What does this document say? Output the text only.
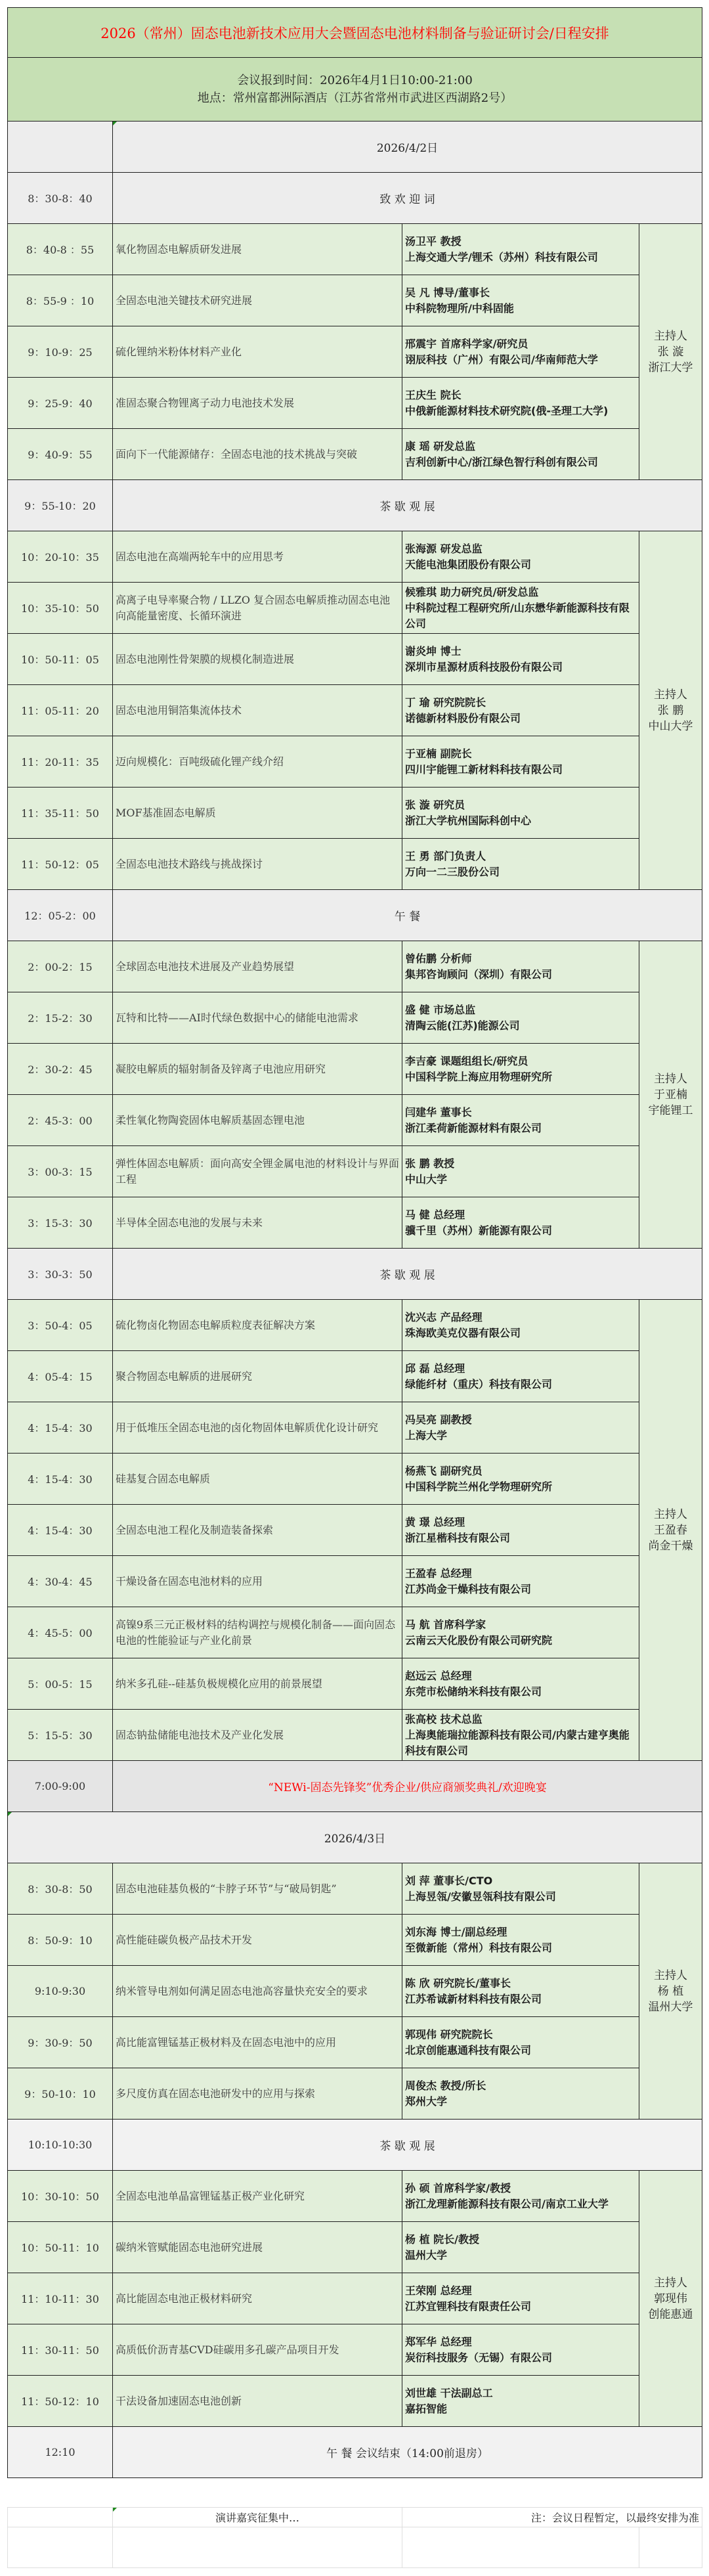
2026（常州）固态电池新技术应用大会暨固态电池材料制备与验证研讨会/日程安排			

会议报到时间：2026年4月1日10:00-21:00
地点：常州富都洲际酒店（江苏省常州市武进区西湖路2号）			

	2026/4/2日		
8：30-8：40	致 欢 迎 词		
8：40-8 ：55	氧化物固态电解质研发进展	汤卫平 教授
上海交通大学/锂禾（苏州）科技有限公司	主持人
张 漩
浙江大学

8：55-9 ：10	全固态电池关键技术研究进展	吴 凡 博导/董事长
中科院物理所/中科固能	

9：10-9：25	硫化锂纳米粉体材料产业化	邢震宇 首席科学家/研究员
诩辰科技（广州）有限公司/华南师范大学	

9：25-9：40	准固态聚合物锂离子动力电池技术发展	王庆生 院长
中俄新能源材料技术研究院(俄-圣理工大学)	

9：40-9：55	面向下一代能源储存：全固态电池的技术挑战与突破	康 瑶 研发总监
吉利创新中心/浙江绿色智行科创有限公司	

9：55-10：20	茶 歇 观 展		
10：20-10：35	固态电池在高端两轮车中的应用思考	张海源 研发总监
天能电池集团股份有限公司	主持人
张 鹏
中山大学

10：35-10：50	高离子电导率聚合物 / LLZO 复合固态电解质推动固态电池向高能量密度、长循环演进	候雅琪 助力研究员/研发总监
中科院过程工程研究所/山东懋华新能源科技有限公司	

10：50-11：05	固态电池刚性骨架膜的规模化制造进展	谢炎坤 博士
深圳市星源材质科技股份有限公司	

11：05-11：20	固态电池用铜箔集流体技术	丁 瑜 研究院院长
诺德新材料股份有限公司	

11：20-11：35	迈向规模化：百吨级硫化锂产线介绍	于亚楠 副院长
四川宇能锂工新材料科技有限公司	

11：35-11：50	MOF基准固态电解质	张 漩 研究员
浙江大学杭州国际科创中心	

11：50-12：05	全固态电池技术路线与挑战探讨	王 勇 部门负责人
万向一二三股份公司	

12：05-2：00	午 餐		
2：00-2：15	全球固态电池技术进展及产业趋势展望	曾佑鹏 分析师
集邦咨询顾问（深圳）有限公司	主持人
于亚楠
宇能锂工

2：15-2：30	瓦特和比特——AI时代绿色数据中心的储能电池需求	盛 健 市场总监
清陶云能(江苏)能源公司	

2：30-2：45	凝胶电解质的辐射制备及锌离子电池应用研究	李吉豪 课题组组长/研究员
中国科学院上海应用物理研究所	

2：45-3：00	柔性氧化物陶瓷固体电解质基固态锂电池	闫建华 董事长
浙江柔荷新能源材料有限公司	

3：00-3：15	弹性体固态电解质：面向高安全锂金属电池的材料设计与界面工程	张 鹏 教授
中山大学	

3：15-3：30	半导体全固态电池的发展与未来	马 健 总经理
骥千里（苏州）新能源有限公司	

3：30-3：50	茶 歇 观 展		
3：50-4：05	硫化物卤化物固态电解质粒度表征解决方案	沈兴志 产品经理
珠海欧美克仪器有限公司	主持人
王盈春
尚金干燥

4：05-4：15	聚合物固态电解质的进展研究	邱 磊 总经理
绿能纤材（重庆）科技有限公司	

4：15-4：30	用于低堆压全固态电池的卤化物固体电解质优化设计研究	冯吴亮 副教授
上海大学	

4：15-4：30	硅基复合固态电解质	杨燕飞 副研究员
中国科学院兰州化学物理研究所	

4：15-4：30	全固态电池工程化及制造装备探索	黄 璟 总经理
浙江星楷科技有限公司	

4：30-4：45	干燥设备在固态电池材料的应用	王盈春 总经理
江苏尚金干燥科技有限公司	

4：45-5：00	高镍9系三元正极材料的结构调控与规模化制备——面向固态电池的性能验证与产业化前景	马 航 首席科学家
云南云天化股份有限公司研究院	

5：00-5：15	纳米多孔硅--硅基负极规模化应用的前景展望	赵远云 总经理
东莞市松储纳米科技有限公司	

5：15-5：30	固态钠盐储能电池技术及产业化发展	张高校 技术总监
上海奥能瑞拉能源科技有限公司/内蒙古建亨奥能科技有限公司	

7:00-9:00	“NEWi-固态先锋奖”优秀企业/供应商颁奖典礼/欢迎晚宴		
2026/4/3日			
8：30-8：50	固态电池硅基负极的“卡脖子环节”与“破局钥匙”	刘 萍 董事长/CTO
上海昱瓴/安徽昱瓴科技有限公司	主持人
杨 植
温州大学

8：50-9：10	高性能硅碳负极产品技术开发	刘东海 博士/副总经理
至微新能（常州）科技有限公司	

9:10-9:30	纳米管导电剂如何满足固态电池高容量快充安全的要求	陈 欣 研究院长/董事长
江苏希诚新材料科技有限公司	

9：30-9：50	高比能富锂锰基正极材料及在固态电池中的应用	郭现伟 研究院院长
北京创能惠通科技有限公司	

9：50-10：10	多尺度仿真在固态电池研发中的应用与探索	周俊杰 教授/所长
郑州大学	

10:10-10:30	茶 歇 观 展		
10：30-10：50	全固态电池单晶富锂锰基正极产业化研究	孙 硕 首席科学家/教授
浙江龙理新能源科技有限公司/南京工业大学	主持人
郭现伟
创能惠通

10：50-11：10	碳纳米管赋能固态电池研究进展	杨 植 院长/教授
温州大学	

11：10-11：30	高比能固态电池正极材料研究	王荣刚 总经理
江苏宜锂科技有限责任公司	

11：30-11：50	高质低价沥青基CVD硅碳用多孔碳产品项目开发	郑军华 总经理
炭衍科技服务（无锡）有限公司	

11：50-12：10	干法设备加速固态电池创新	刘世雄 干法副总工
嘉拓智能	

12:10	午 餐 会议结束（14:00前退房）		
	演讲嘉宾征集中…	注：会议日程暂定，以最终安排为准	
